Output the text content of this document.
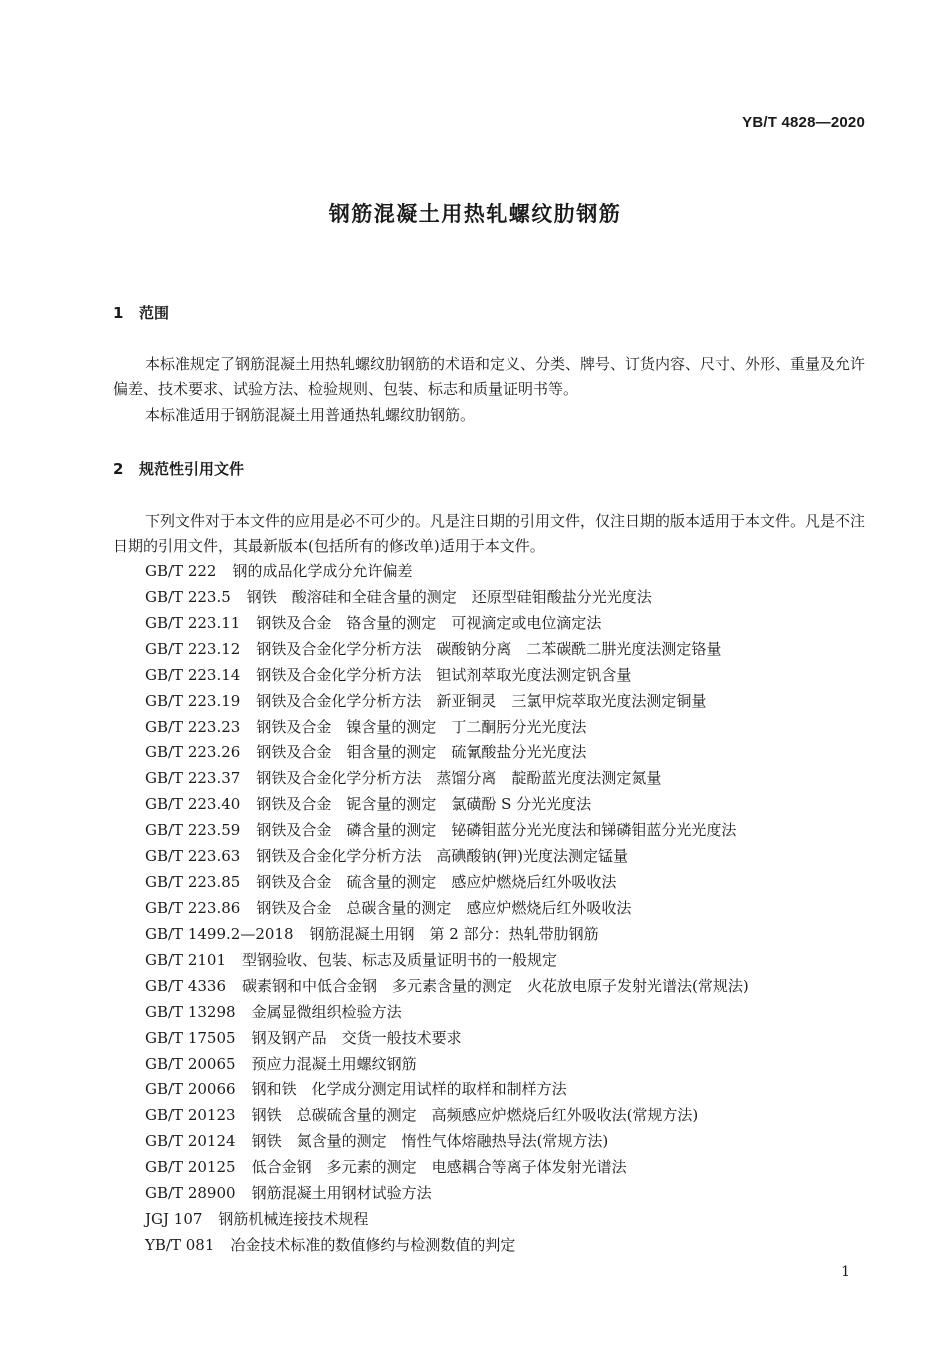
YB/T 4828—2020
钢筋混凝土用热轧螺纹肋钢筋
1 范围

本标准规定了钢筋混凝土用热轧螺纹肋钢筋的术语和定义、分类、牌号、订货内容、尺寸、外形、重量及允许偏差、技术要求、试验方法、检验规则、包装、标志和质量证明书等。

本标准适用于钢筋混凝土用普通热轧螺纹肋钢筋。

2 规范性引用文件

下列文件对于本文件的应用是必不可少的。凡是注日期的引用文件，仅注日期的版本适用于本文件。凡是不注日期的引用文件，其最新版本(包括所有的修改单)适用于本文件。

GB/T 222 钢的成品化学成分允许偏差
GB/T 223.5 钢铁　酸溶硅和全硅含量的测定　还原型硅钼酸盐分光光度法
GB/T 223.11 钢铁及合金　铬含量的测定　可视滴定或电位滴定法
GB/T 223.12 钢铁及合金化学分析方法　碳酸钠分离　二苯碳酰二肼光度法测定铬量
GB/T 223.14 钢铁及合金化学分析方法　钽试剂萃取光度法测定钒含量
GB/T 223.19 钢铁及合金化学分析方法　新亚铜灵　三氯甲烷萃取光度法测定铜量
GB/T 223.23 钢铁及合金　镍含量的测定　丁二酮肟分光光度法
GB/T 223.26 钢铁及合金　钼含量的测定　硫氰酸盐分光光度法
GB/T 223.37 钢铁及合金化学分析方法　蒸馏分离　靛酚蓝光度法测定氮量
GB/T 223.40 钢铁及合金　铌含量的测定　氯磺酚 S 分光光度法
GB/T 223.59 钢铁及合金　磷含量的测定　铋磷钼蓝分光光度法和锑磷钼蓝分光光度法
GB/T 223.63 钢铁及合金化学分析方法　高碘酸钠(钾)光度法测定锰量
GB/T 223.85 钢铁及合金　硫含量的测定　感应炉燃烧后红外吸收法
GB/T 223.86 钢铁及合金　总碳含量的测定　感应炉燃烧后红外吸收法
GB/T 1499.2—2018 钢筋混凝土用钢　第 2 部分：热轧带肋钢筋
GB/T 2101 型钢验收、包装、标志及质量证明书的一般规定
GB/T 4336 碳素钢和中低合金钢　多元素含量的测定　火花放电原子发射光谱法(常规法)
GB/T 13298 金属显微组织检验方法
GB/T 17505 钢及钢产品　交货一般技术要求
GB/T 20065 预应力混凝土用螺纹钢筋
GB/T 20066 钢和铁　化学成分测定用试样的取样和制样方法
GB/T 20123 钢铁　总碳硫含量的测定　高频感应炉燃烧后红外吸收法(常规方法)
GB/T 20124 钢铁　氮含量的测定　惰性气体熔融热导法(常规方法)
GB/T 20125 低合金钢　多元素的测定　电感耦合等离子体发射光谱法
GB/T 28900 钢筋混凝土用钢材试验方法
JGJ 107 钢筋机械连接技术规程
YB/T 081 冶金技术标准的数值修约与检测数值的判定
1
